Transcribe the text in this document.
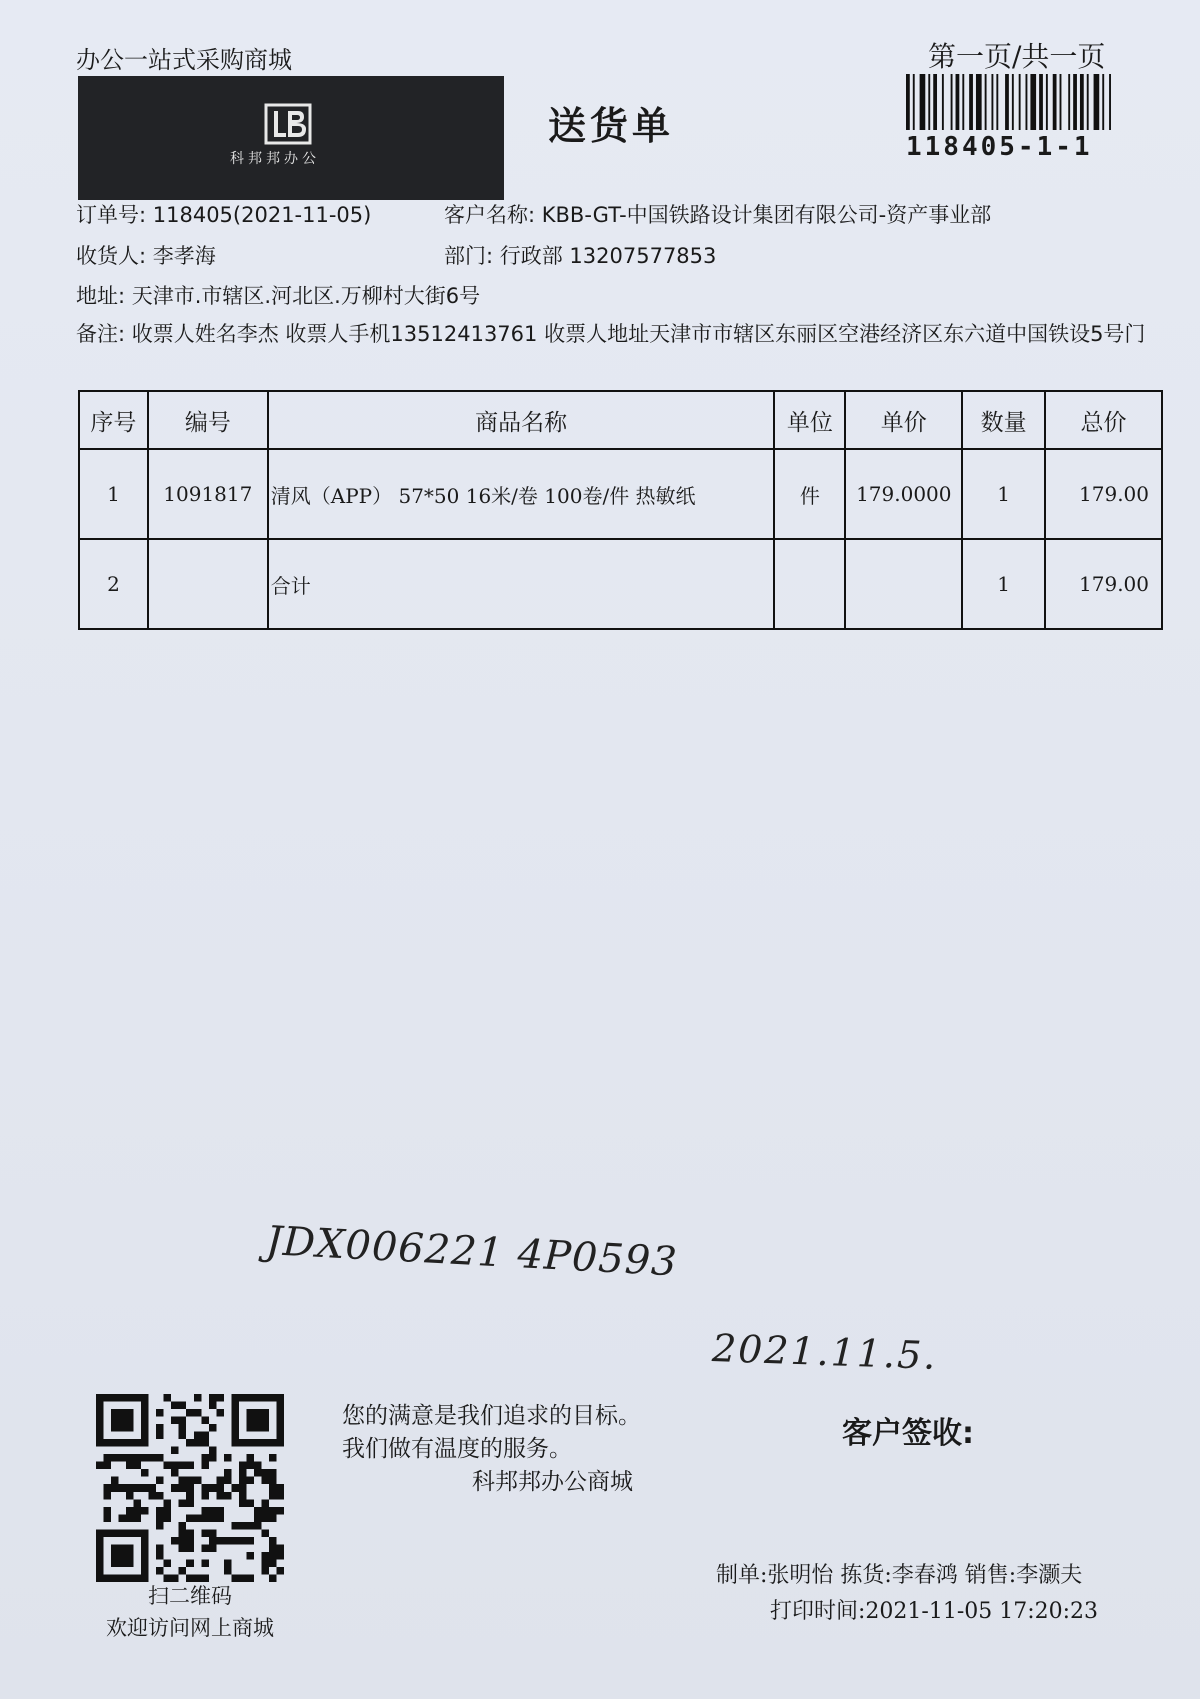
办公一站式采购商城
科邦邦办公
送货单
第一页/共一页
118405-1-1
订单号: 118405(2021-11-05)	客户名称: KBB-GT-中国铁路设计集团有限公司-资产事业部
收货人: 李孝海	部门: 行政部 13207577853
地址: 天津市.市辖区.河北区.万柳村大街6号
备注: 收票人姓名李杰 收票人手机13512413761 收票人地址天津市市辖区东丽区空港经济区东六道中国铁设5号门
序号	编号	商品名称	单位	单价	数量	总价
1	1091817	清风（APP） 57*50 16米/卷 100卷/件 热敏纸	件	179.0000	1	179.00
2		合计			1	179.00
JDX006221 4P0593
2021.11.5.
扫二维码
欢迎访问网上商城
您的满意是我们追求的目标。
我们做有温度的服务。
科邦邦办公商城
客户签收:
制单:张明怡 拣货:李春鸿 销售:李灏夫
打印时间:2021-11-05 17:20:23
